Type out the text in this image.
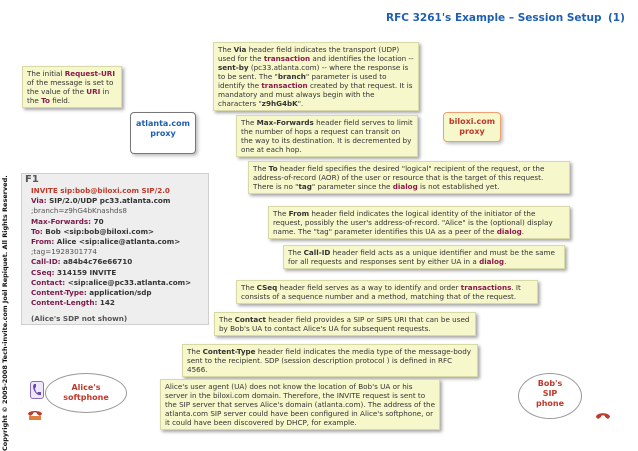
RFC 3261's Example – Session Setup (1)
Copyright © 2005-2008 Tech-invite.com Joël Repiquet. All Rights Reserved.
The initial Request-URI of the message is set to the value of the URI in the To field.
The Via header field indicates the transport (UDP) used for the transaction and identifies the location -- sent-by (pc33.atlanta.com) -- where the response is to be sent. The "branch" parameter is used to identify the transaction created by that request. It is mandatory and must always begin with the characters "z9hG4bK".
The Max-Forwards header field serves to limit the number of hops a request can transit on the way to its destination. It is decremented by one at each hop.
The To header field specifies the desired "logical" recipient of the request, or the address-of-record (AOR) of the user or resource that is the target of this request. There is no "tag" parameter since the dialog is not established yet.
The From header field indicates the logical identity of the initiator of the request, possibly the user's address-of-record. "Alice" is the (optional) display name. The "tag" parameter identifies this UA as a peer of the dialog.
The Call-ID header field acts as a unique identifier and must be the same for all requests and responses sent by either UA in a dialog.
The CSeq header field serves as a way to identify and order transactions. It consists of a sequence number and a method, matching that of the request.
The Contact header field provides a SIP or SIPS URI that can be used by Bob's UA to contact Alice's UA for subsequent requests.
The Content-Type header field indicates the media type of the message-body sent to the recipient. SDP (session description protocol ) is defined in RFC 4566.
Alice's user agent (UA) does not know the location of Bob's UA or his server in the biloxi.com domain. Therefore, the INVITE request is sent to the SIP server that serves Alice's domain (atlanta.com). The address of the atlanta.com SIP server could have been configured in Alice's softphone, or it could have been discovered by DHCP, for example.
atlanta.com
proxy
biloxi.com
proxy
F1
INVITE sip:bob@biloxi.com SIP/2.0
Via: SIP/2.0/UDP pc33.atlanta.com
;branch=z9hG4bKnashds8
Max-Forwards: 70
To: Bob <sip:bob@biloxi.com>
From: Alice <sip:alice@atlanta.com>
;tag=1928301774
Call-ID: a84b4c76e66710
CSeq: 314159 INVITE
Contact: <sip:alice@pc33.atlanta.com>
Content-Type: application/sdp
Content-Length: 142
(Alice's SDP not shown)
Alice's
softphone
Bob's
SIP
phone
